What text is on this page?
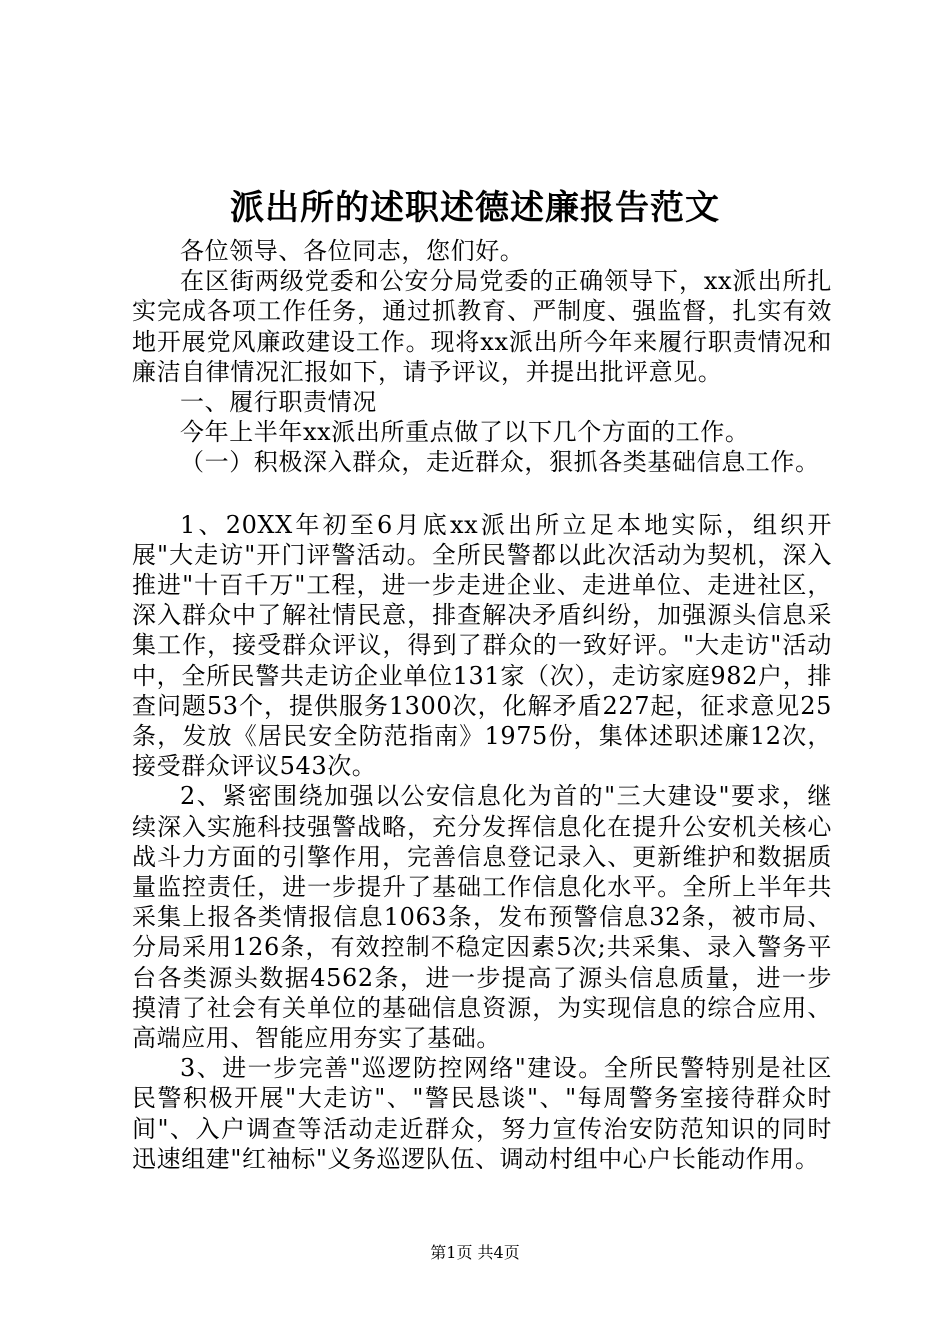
派出所的述职述德述廉报告范文

各位领导、各位同志，您们好。

在区街两级党委和公安分局党委的正确领导下，xx派出所扎实完成各项工作任务，通过抓教育、严制度、强监督，扎实有效地开展党风廉政建设工作。现将xx派出所今年来履行职责情况和廉洁自律情况汇报如下，请予评议，并提出批评意见。

一、履行职责情况

今年上半年xx派出所重点做了以下几个方面的工作。

（一）积极深入群众，走近群众，狠抓各类基础信息工作。

1、20XX年初至6月底xx派出所立足本地实际，组织开展"大走访"开门评警活动。全所民警都以此次活动为契机，深入推进"十百千万"工程，进一步走进企业、走进单位、走进社区，深入群众中了解社情民意，排查解决矛盾纠纷，加强源头信息采集工作，接受群众评议，得到了群众的一致好评。"大走访"活动中，全所民警共走访企业单位131家（次），走访家庭982户，排查问题53个，提供服务1300次，化解矛盾227起，征求意见25条，发放《居民安全防范指南》1975份，集体述职述廉12次，接受群众评议543次。

2、紧密围绕加强以公安信息化为首的"三大建设"要求，继续深入实施科技强警战略，充分发挥信息化在提升公安机关核心战斗力方面的引擎作用，完善信息登记录入、更新维护和数据质量监控责任，进一步提升了基础工作信息化水平。全所上半年共采集上报各类情报信息1063条，发布预警信息32条，被市局、分局采用126条，有效控制不稳定因素5次;共采集、录入警务平台各类源头数据4562条，进一步提高了源头信息质量，进一步摸清了社会有关单位的基础信息资源，为实现信息的综合应用、高端应用、智能应用夯实了基础。

3、进一步完善"巡逻防控网络"建设。全所民警特别是社区民警积极开展"大走访"、"警民恳谈"、"每周警务室接待群众时间"、入户调查等活动走近群众，努力宣传治安防范知识的同时迅速组建"红袖标"义务巡逻队伍、调动村组中心户长能动作用。

第1页 共4页
